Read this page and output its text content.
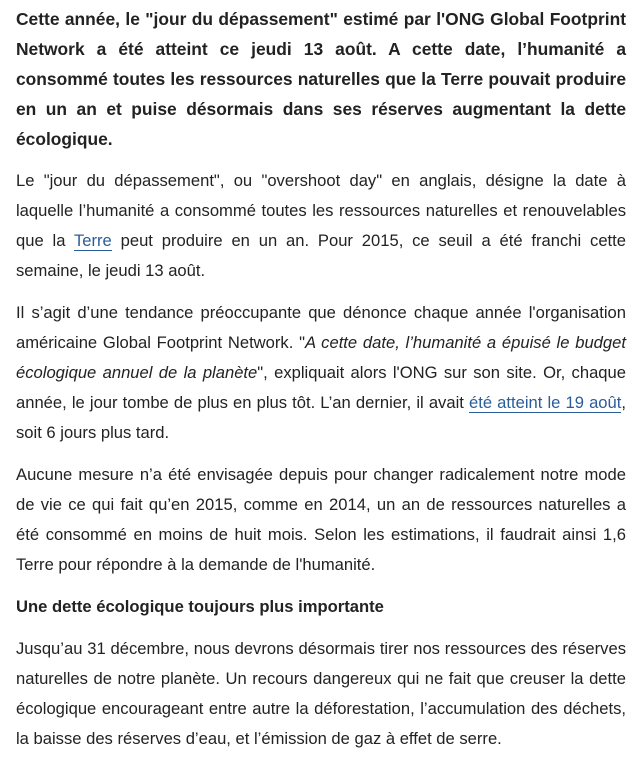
Cette année, le "jour du dépassement" estimé par l'ONG Global Footprint Network a été atteint ce jeudi 13 août. A cette date, l’humanité a consommé toutes les ressources naturelles que la Terre pouvait produire en un an et puise désormais dans ses réserves augmentant la dette écologique.

Le "jour du dépassement", ou "overshoot day" en anglais, désigne la date à laquelle l’humanité a consommé toutes les ressources naturelles et renouvelables que la Terre peut produire en un an. Pour 2015, ce seuil a été franchi cette semaine, le jeudi 13 août.

Il s’agit d’une tendance préoccupante que dénonce chaque année l'organisation américaine Global Footprint Network. "A cette date, l’humanité a épuisé le budget écologique annuel de la planète", expliquait alors l'ONG sur son site. Or, chaque année, le jour tombe de plus en plus tôt. L’an dernier, il avait été atteint le 19 août, soit 6 jours plus tard.

Aucune mesure n’a été envisagée depuis pour changer radicalement notre mode de vie ce qui fait qu’en 2015, comme en 2014, un an de ressources naturelles a été consommé en moins de huit mois. Selon les estimations, il faudrait ainsi 1,6 Terre pour répondre à la demande de l'humanité.

Une dette écologique toujours plus importante

Jusqu’au 31 décembre, nous devrons désormais tirer nos ressources des réserves naturelles de notre planète. Un recours dangereux qui ne fait que creuser la dette écologique encourageant entre autre la déforestation, l’accumulation des déchets, la baisse des réserves d’eau, et l’émission de gaz à effet de serre.
